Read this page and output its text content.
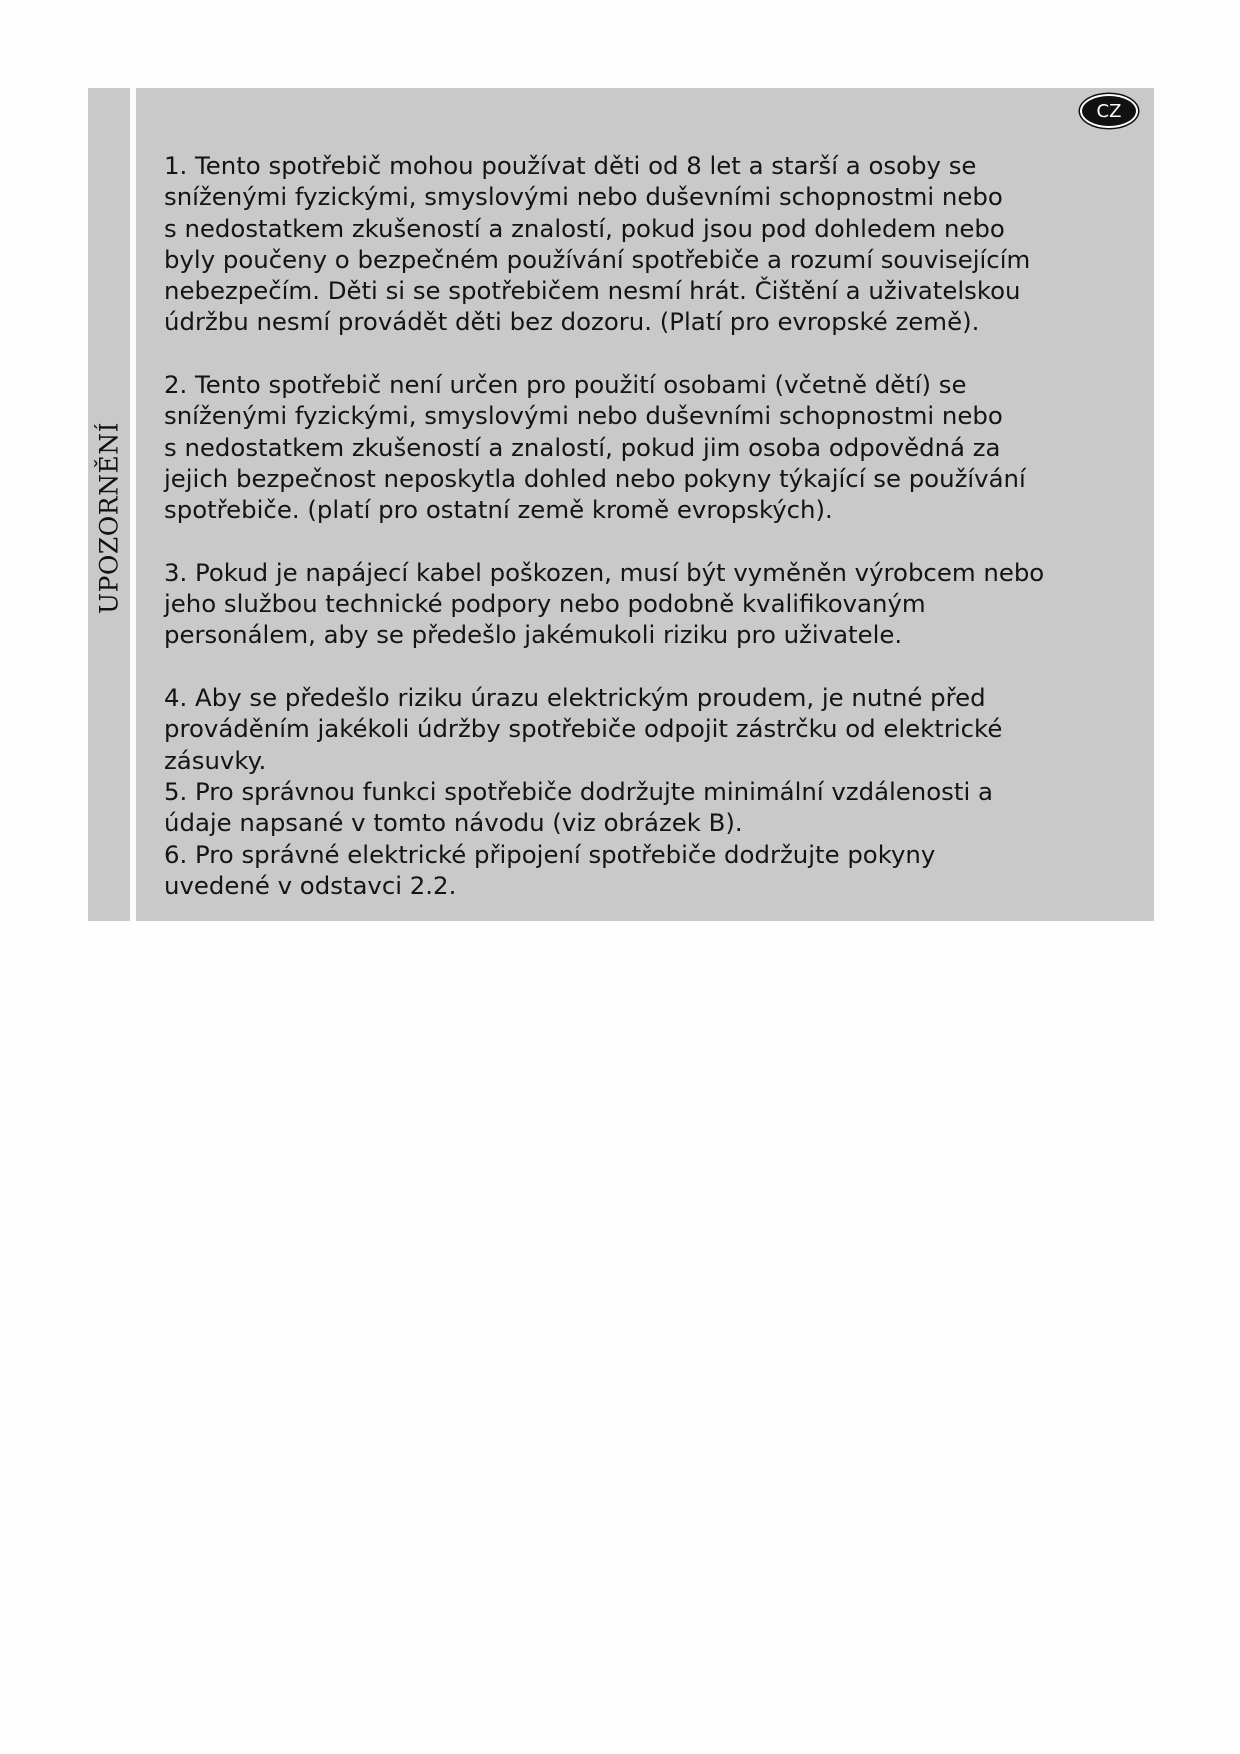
UPOZORNĚNÍ
CZ
1. Tento spotřebič mohou používat děti od 8 let a starší a osoby se
sníženými fyzickými, smyslovými nebo duševními schopnostmi nebo
s nedostatkem zkušeností a znalostí, pokud jsou pod dohledem nebo
byly poučeny o bezpečném používání spotřebiče a rozumí souvisejícím
nebezpečím. Děti si se spotřebičem nesmí hrát. Čištění a uživatelskou
údržbu nesmí provádět děti bez dozoru. (Platí pro evropské země).
2. Tento spotřebič není určen pro použití osobami (včetně dětí) se
sníženými fyzickými, smyslovými nebo duševními schopnostmi nebo
s nedostatkem zkušeností a znalostí, pokud jim osoba odpovědná za
jejich bezpečnost neposkytla dohled nebo pokyny týkající se používání
spotřebiče. (platí pro ostatní země kromě evropských).
3. Pokud je napájecí kabel poškozen, musí být vyměněn výrobcem nebo
jeho službou technické podpory nebo podobně kvalifikovaným
personálem, aby se předešlo jakémukoli riziku pro uživatele.
4. Aby se předešlo riziku úrazu elektrickým proudem, je nutné před
prováděním jakékoli údržby spotřebiče odpojit zástrčku od elektrické
zásuvky.
5. Pro správnou funkci spotřebiče dodržujte minimální vzdálenosti a
údaje napsané v tomto návodu (viz obrázek B).
6. Pro správné elektrické připojení spotřebiče dodržujte pokyny
uvedené v odstavci 2.2.
